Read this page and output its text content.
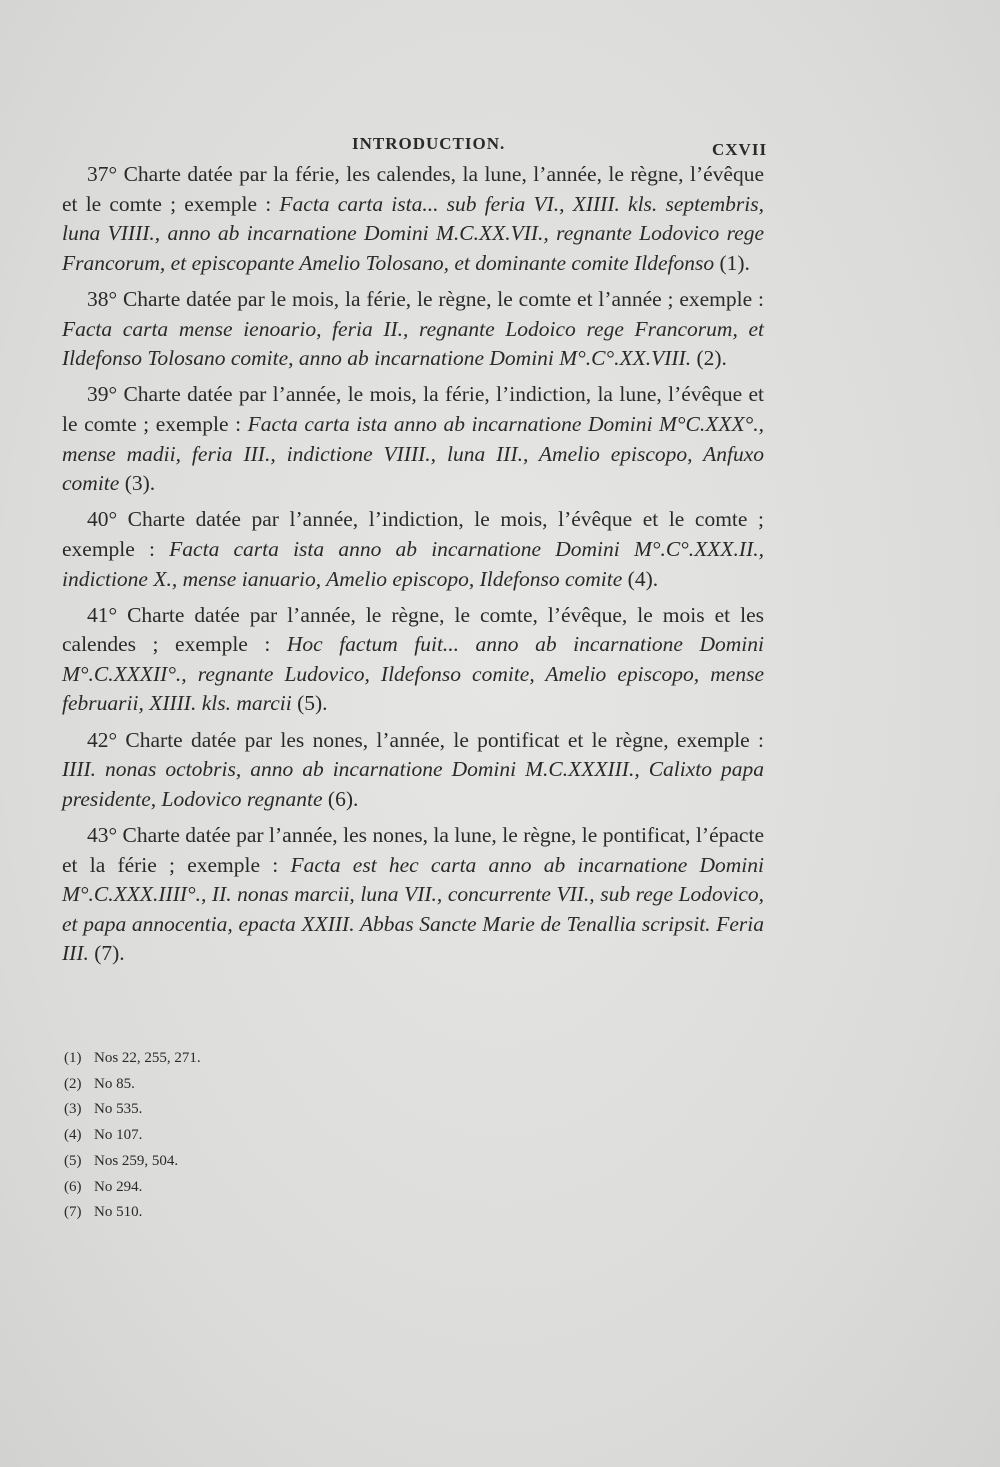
INTRODUCTION.	CXVII

37° Charte datée par la férie, les calendes, la lune, l’année, le règne, l’évêque et le comte ; exemple : Facta carta ista... sub feria VI., XIIII. kls. septembris, luna VIIII., anno ab incarnatione Domini M.C.XX.VII., regnante Lodovico rege Francorum, et episcopante Amelio Tolosano, et dominante comite Ildefonso (1).

38° Charte datée par le mois, la férie, le règne, le comte et l’année ; exemple : Facta carta mense ienoario, feria II., regnante Lodoico rege Francorum, et Ildefonso Tolosano comite, anno ab incarnatione Domini M°.C°.XX.VIII. (2).

39° Charte datée par l’année, le mois, la férie, l’indiction, la lune, l’évêque et le comte ; exemple : Facta carta ista anno ab incarnatione Domini M°C.XXX°., mense madii, feria III., indictione VIIII., luna III., Amelio episcopo, Anfuxo comite (3).

40° Charte datée par l’année, l’indiction, le mois, l’évêque et le comte ; exemple : Facta carta ista anno ab incarnatione Domini M°.C°.XXX.II., indictione X., mense ianuario, Amelio episcopo, Ildefonso comite (4).

41° Charte datée par l’année, le règne, le comte, l’évêque, le mois et les calendes ; exemple : Hoc factum fuit... anno ab incarnatione Domini M°.C.XXXII°., regnante Ludovico, Ildefonso comite, Amelio episcopo, mense februarii, XIIII. kls. marcii (5).

42° Charte datée par les nones, l’année, le pontificat et le règne, exemple : IIII. nonas octobris, anno ab incarnatione Domini M.C.XXXIII., Calixto papa presidente, Lodovico regnante (6).

43° Charte datée par l’année, les nones, la lune, le règne, le pontificat, l’épacte et la férie ; exemple : Facta est hec carta anno ab incarnatione Domini M°.C.XXX.IIII°., II. nonas marcii, luna VII., concurrente VII., sub rege Lodovico, et papa annocentia, epacta XXIII. Abbas Sancte Marie de Tenallia scripsit. Feria III. (7).

(1) Nos 22, 255, 271.
(2) No 85.
(3) No 535.
(4) No 107.
(5) Nos 259, 504.
(6) No 294.
(7) No 510.
